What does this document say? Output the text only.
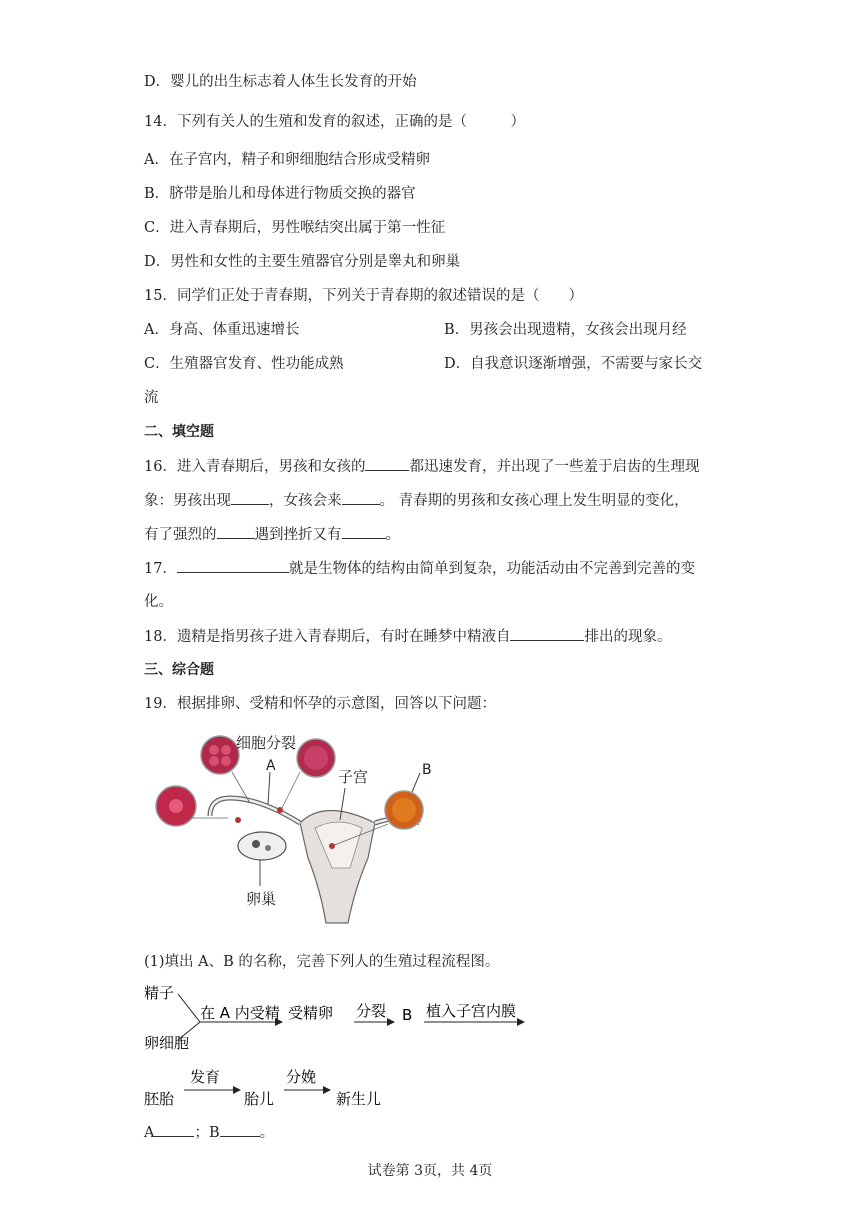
D．婴儿的出生标志着人体生长发育的开始
14．下列有关人的生殖和发育的叙述，正确的是（　　　）
A．在子宫内，精子和卵细胞结合形成受精卵
B．脐带是胎儿和母体进行物质交换的器官
C．进入青春期后，男性喉结突出属于第一性征
D．男性和女性的主要生殖器官分别是睾丸和卵巢
15．同学们正处于青春期，下列关于青春期的叙述错误的是（　　）
A．身高、体重迅速增长	B．男孩会出现遗精，女孩会出现月经
C．生殖器官发育、性功能成熟	D．自我意识逐渐增强，不需要与家长交
流
二、填空题
16．进入青春期后，男孩和女孩的	都迅速发育，并出现了一些羞于启齿的生理现
象：男孩出现	，女孩会来	。 青春期的男孩和女孩心理上发生明显的变化，
有了强烈的	遇到挫折又有	。
17．	就是生物体的结构由简单到复杂，功能活动由不完善到完善的变
化。
18．遗精是指男孩子进入青春期后，有时在睡梦中精液自	排出的现象。
三、综合题
19．根据排卵、受精和怀孕的示意图，回答以下问题：
细胞分裂
A
子宫	B
卵巢
(1)填出 A、B 的名称，完善下列人的生殖过程流程图。
精子
卵细胞
在 A 内受精 受精卵 分裂 B 植入子宫内膜
胚胎
发育
胎儿
分娩
新生儿
A	；B	。
试卷第 3页，共 4页
